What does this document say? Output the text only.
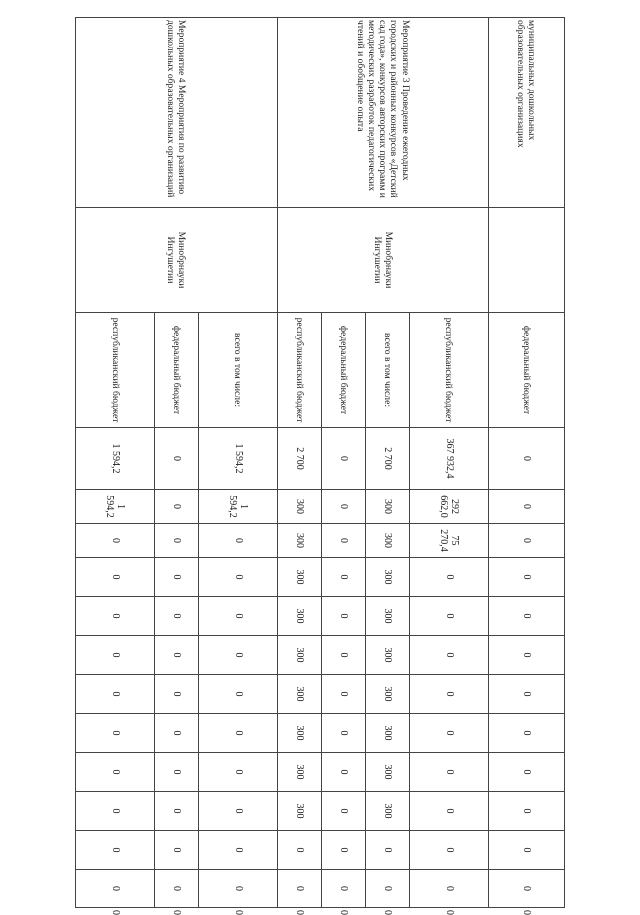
муниципальных дошкольных образовательных организациях		федеральный бюджет	0	0	0	0	0	0	0	0	0	0	0	0	0
Мероприятие 3 Проведение ежегодных городских и районных конкурсов «Детский сад года», конкурсов авторских программ и методических разработок педагогических чтений и обобщение опыта	Минобрнауки Ингушетии	республиканский бюджет	367 932,4	292 662,0	75 270,4	0	0	0	0	0	0	0	0	0	0
		всего в том числе:	2 700	300	300	300	300	300	300	300	300	300	0	0	0
		федеральный бюджет	0	0	0	0	0	0	0	0	0	0	0	0	0
		республиканский бюджет	2 700	300	300	300	300	300	300	300	300	300	0	0	0
Мероприятие 4 Мероприятия по развитию дошкольных образовательных организаций	Минобрнауки Ингушетии	всего в том числе:	1 594,2	1 594,2	0	0	0	0	0	0	0	0	0	0	0
		федеральный бюджет	0	0	0	0	0	0	0	0	0	0	0	0	0
		республиканский бюджет	1 594,2	1 594,2	0	0	0	0	0	0	0	0	0	0	0
